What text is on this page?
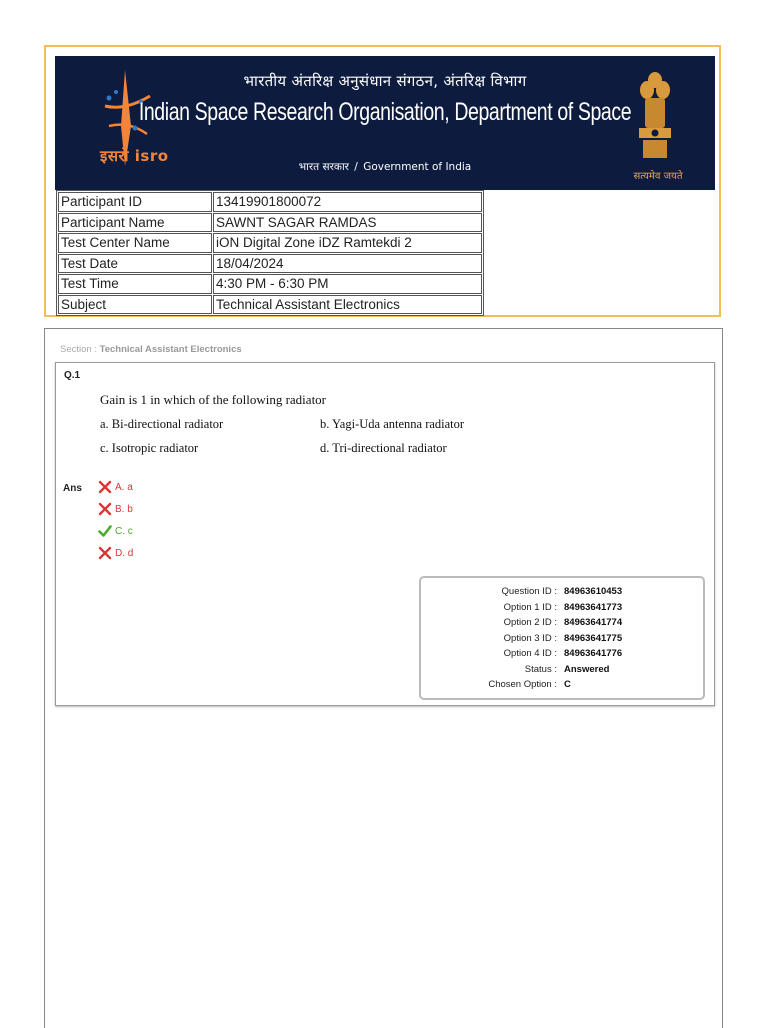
इसरो isro
भारतीय अंतरिक्ष अनुसंधान संगठन, अंतरिक्ष विभाग
Indian Space Research Organisation, Department of Space
भारत सरकार / Government of India
सत्यमेव जयते
Participant ID	13419901800072
Participant Name	SAWNT SAGAR RAMDAS
Test Center Name	iON Digital Zone iDZ Ramtekdi 2
Test Date	18/04/2024
Test Time	4:30 PM - 6:30 PM
Subject	Technical Assistant Electronics
Section : Technical Assistant Electronics
Q.1
Gain is 1 in which of the following radiator
a. Bi-directional radiator	b. Yagi-Uda antenna radiator
c. Isotropic radiator	d. Tri-directional radiator
Ans	A. a
B. b
C. c
D. d
Question ID : 84963610453
Option 1 ID : 84963641773
Option 2 ID : 84963641774
Option 3 ID : 84963641775
Option 4 ID : 84963641776
Status : Answered
Chosen Option : C
